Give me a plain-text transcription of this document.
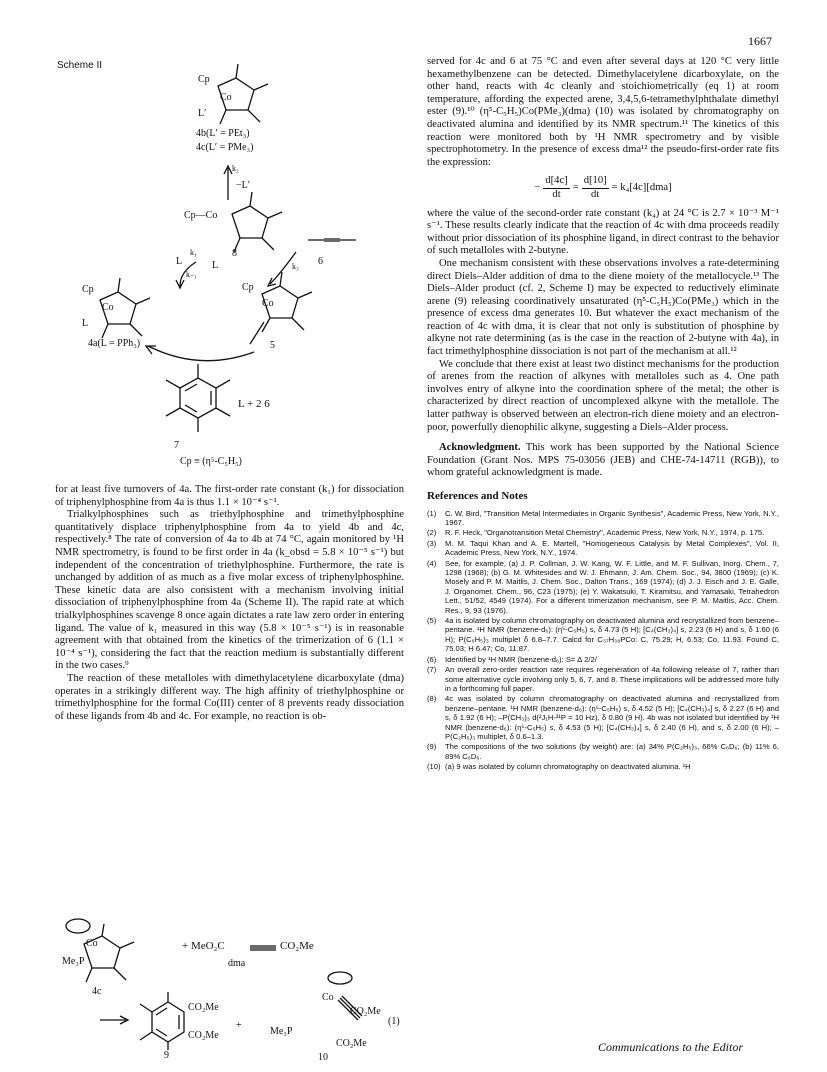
1667
Scheme II
Cp
Co
L′
4b(L′ = PEt₃)
4c(L′ = PMe₃)
k₂
−L′
Cp—Co
8
L	L
k₁
k₋₁
k₃ 6
Cp
Co
Cp
Co
L
4a(L = PPh₃)	5
L + 2 6
7
Cp ≡ (η⁵-C₅H₅)

for at least five turnovers of 4a. The first-order rate constant (k₁) for dissociation of triphenylphosphine from 4a is thus 1.1 × 10⁻⁴ s⁻¹.

Trialkylphosphines such as triethylphosphine and trimethylphosphine quantitatively displace triphenylphosphine from 4a to yield 4b and 4c, respectively.⁸ The rate of conversion of 4a to 4b at 74 °C, again monitored by ¹H NMR spectrometry, is found to be first order in 4a (k_obsd = 5.8 × 10⁻⁵ s⁻¹) but independent of the concentration of triethylphosphine. Furthermore, the rate is unchanged by addition of as much as a five molar excess of triphenylphosphine. These kinetic data are also consistent with a mechanism involving initial dissociation of triphenylphosphine from 4a (Scheme II). The rapid rate at which trialkylphosphines scavenge 8 once again dictates a rate law zero order in entering ligand. The value of k₁ measured in this way (5.8 × 10⁻⁵ s⁻¹) is in reasonable agreement with that obtained from the kinetics of the trimerization of 6 (1.1 × 10⁻⁴ s⁻¹), considering the fact that the reaction medium is substantially different in the two cases.⁹

The reaction of these metalloles with dimethylacetylene dicarboxylate (dma) operates in a strikingly different way. The high affinity of triethylphosphine or trimethylphosphine for the formal Co(III) center of 8 prevents ready dissociation of these ligands from 4b and 4c. For example, no reaction is ob-

Co
Me₃P
+ MeO₂C	CO₂Me
dma
4c
CO₂Me
CO₂Me
+
Co
CO₂Me
Me₃P
CO₂Me
(1)
9	10

served for 4c and 6 at 75 °C and even after several days at 120 °C very little hexamethylbenzene can be detected. Dimethylacetylene dicarboxylate, on the other hand, reacts with 4c cleanly and stoichiometrically (eq 1) at room temperature, affording the expected arene, 3,4,5,6-tetramethylphthalate dimethyl ester (9).¹⁰ (η⁵-C₅H₅)Co(PMe₃)(dma) (10) was isolated by chromatography on deactivated alumina and identified by its NMR spectrum.¹¹ The kinetics of this reaction were monitored both by ¹H NMR spectrometry and by visible spectrophotometry. In the presence of excess dma¹² the pseudo-first-order rate fits the expression:

− $\frac{d[4c]}{dt} = \frac{d[10]}{dt} = k_4[4c][dma]$

where the value of the second-order rate constant (k₄) at 24 °C is 2.7 × 10⁻³ M⁻¹ s⁻¹. These results clearly indicate that the reaction of 4c with dma proceeds readily without prior dissociation of its phosphine ligand, in direct contrast to the behavior of such metalloles with 2-butyne.

One mechanism consistent with these observations involves a rate-determining direct Diels–Alder addition of dma to the diene moiety of the metallocycle.¹³ The Diels–Alder product (cf. 2, Scheme I) may be expected to reductively eliminate arene (9) releasing coordinatively unsaturated (η⁵-C₅H₅)Co(PMe₃) which in the presence of excess dma generates 10. But whatever the exact mechanism of the reaction of 4c with dma, it is clear that not only is substitution of phosphine by alkyne not rate determining (as is the case in the reaction of 2-butyne with 4a), in fact trimethylphosphine dissociation is not part of the mechanism at all.¹²

We conclude that there exist at least two distinct mechanisms for the production of arenes from the reaction of alkynes with metalloles such as 4. One path involves entry of alkyne into the coordination sphere of the metal; the other is characterized by direct reaction of uncomplexed alkyne with the metallole. The latter pathway is observed between an electron-rich diene moiety and an electron-poor, powerfully dienophilic alkyne, suggesting a Diels–Alder process.

Acknowledgment. This work has been supported by the National Science Foundation (Grant Nos. MPS 75-03056 (JEB) and CHE-74-14711 (RGB)), to whom grateful acknowledgment is made.

References and Notes
(1)	C. W. Bird, "Transition Metal Intermediates in Organic Synthesis", Academic Press, New York, N.Y., 1967.
(2)	R. F. Heck, "Organotransition Metal Chemistry", Academic Press, New York, N.Y., 1974, p. 175.
(3)	M. M. Taqui Khan and A. E. Martell, "Homogeneous Catalysis by Metal Complexes", Vol. II, Academic Press, New York, N.Y., 1974.
(4)	See, for example, (a) J. P. Collman, J. W. Kang, W. F. Little, and M. F. Sullivan, Inorg. Chem., 7, 1298 (1968); (b) G. M. Whitesides and W. J. Ehmann, J. Am. Chem. Soc., 94, 3800 (1969); (c) K. Mosely and P. M. Maitlis, J. Chem. Soc., Dalton Trans., 169 (1974); (d) J. J. Eisch and J. E. Galle, J. Organomet. Chem., 96, C23 (1975); (e) Y. Wakatsuki, T. Kiramitsu, and Yamasaki, Tetrahedron Lett., 51/52, 4549 (1974). For a different trimerization mechanism, see P. M. Maitlis, Acc. Chem. Res., 9, 93 (1976).
(5)	4a is isolated by column chromatography on deactivated alumina and recrystallized from benzene–pentane. ¹H NMR (benzene-d₆): (η⁵-C₅H₅) s, δ 4.73 (5 H); [C₄(CH₃)₄] s, 2.23 (6 H) and s, δ 1.60 (6 H); P(C₆H₅)₃ multiplet δ 6.8–7.7. Calcd for C₃₇H₃₈PCo: C, 75.29; H, 6.53; Co, 11.93. Found C, 75.03; H 6.47; Co, 11.87.
(6)	Identified by ¹H NMR (benzene-d₆): S= ∆ 2/2/
(7)	An overall zero-order reaction rate requires regeneration of 4a following release of 7, rather than some alternative cycle involving only 5, 6, 7, and 8. These implications will be addressed more fully in a forthcoming full paper.
(8)	4c was isolated by column chromatography on deactivated alumina and recrystallized from benzene–pentane. ¹H NMR (benzene-d₆): (η⁵-C₅H₅) s, δ 4.52 (5 H); [C₄(CH₃)₄] s, δ 2.27 (6 H) and s, δ 1.92 (6 H); –P(CH₃)₃ d(²J₁H-³¹P = 10 Hz), δ 0.80 (9 H). 4b was not isolated but identified by ¹H NMR (benzene-d₆): (η⁵-C₅H₅) s, δ 4.53 (5 H); [C₄(CH₃)₄] s, δ 2.40 (6 H), and s, δ 2.00 (6 H); –P(C₂H₅)₃ multiplet, δ 0.6–1.3.
(9)	The compositions of the two solutions (by weight) are: (a) 34% P(C₂H₅)₃, 66% C₆D₆; (b) 11% 6, 89% C₆D₆.
(10) (a) 9 was isolated by column chromatography on deactivated alumina. ¹H
Communications to the Editor
